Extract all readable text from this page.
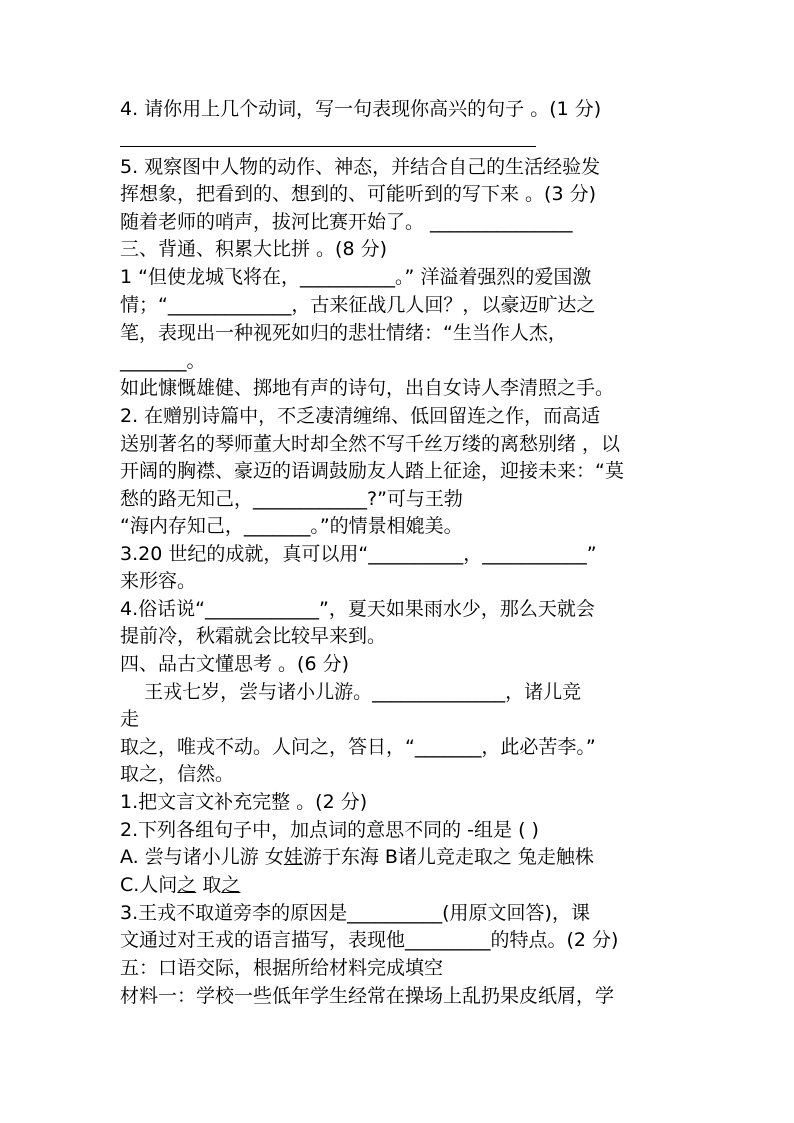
4. 请你用上几个动词，写一句表现你高兴的句子 。(1 分)

5. 观察图中人物的动作、神态，并结合自己的生活经验发

挥想象，把看到的、想到的、可能听到的写下来 。(3 分)

随着老师的哨声，拔河比赛开始了。 _______________

三、背通、积累大比拼 。(8 分)

1 “但使龙城飞将在，__________。” 洋溢着强烈的爱国激

情；“_____________，古来征战几人回？，以豪迈旷达之

笔，表现出一种视死如归的悲壮情绪：“生当作人杰，

_______。

如此慷慨雄健、掷地有声的诗句，出自女诗人李清照之手。

2. 在赠别诗篇中，不乏凄清缠绵、低回留连之作，而高适

送别著名的琴师董大时却全然不写千丝万缕的离愁别绪 ，以

开阔的胸襟、豪迈的语调鼓励友人踏上征途，迎接未来：“莫

愁的路无知己，____________?”可与王勃

“海内存知己，_______。”的情景相媲美。

3.20 世纪的成就，真可以用“__________，___________”

来形容。

4.俗话说“____________”，夏天如果雨水少，那么天就会

提前冷，秋霜就会比较早来到。

四、品古文懂思考 。(6 分)

王戎七岁，尝与诸小儿游。______________，诸儿竞

走

取之，唯戎不动。人问之，答日，“_______，此必苦李。”

取之，信然。

1.把文言文补充完整 。(2 分)

2.下列各组句子中，加点词的意思不同的 -组是 ( )

A. 尝与诸小儿游 女娃游于东海 B诸儿竞走取之 兔走触株

C.人问之 取之

3.王戎不取道旁李的原因是__________(用原文回答)，课

文通过对王戎的语言描写，表现他_________的特点。(2 分)

五：口语交际，根据所给材料完成填空

材料一：学校一些低年学生经常在操场上乱扔果皮纸屑，学
